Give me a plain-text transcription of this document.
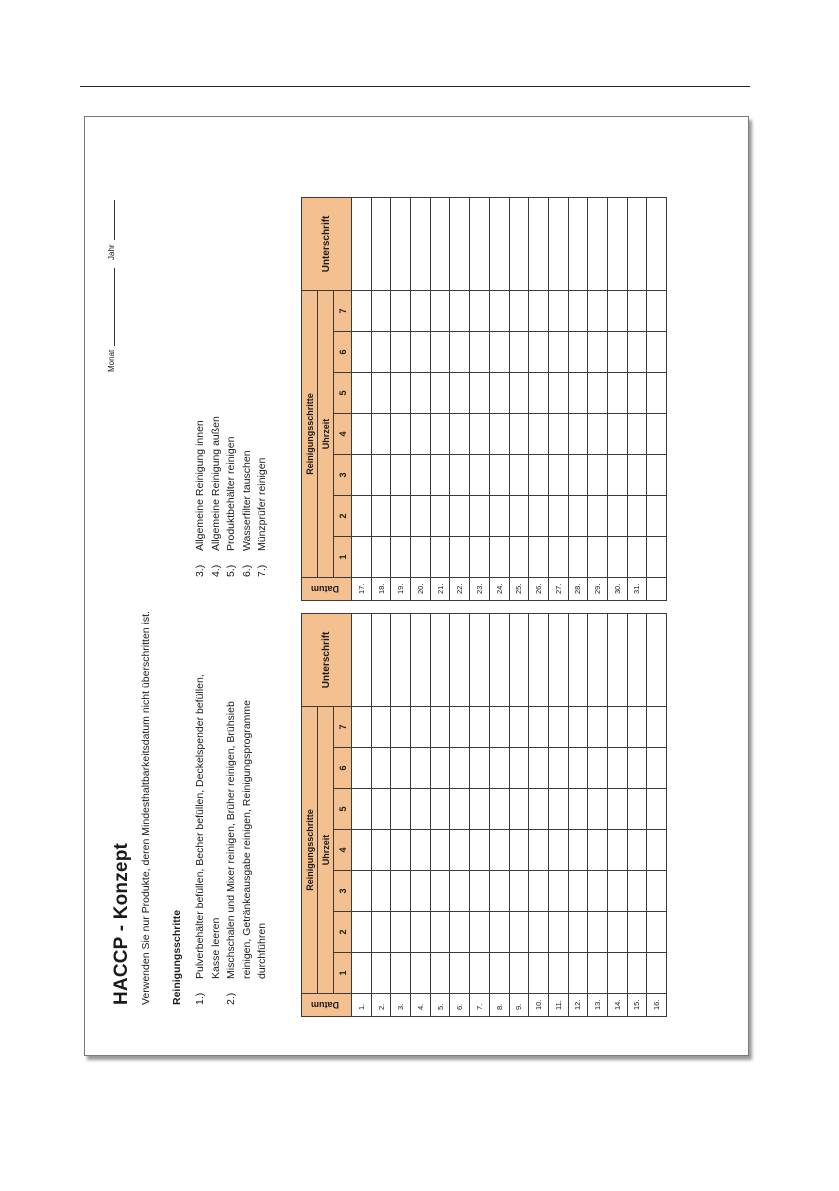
HACCP - Konzept Verwenden Sie nur Produkte, deren Mindesthaltbarkeitsdatum nicht überschritten ist. Reinigungsschritte 1.)
Pulverbehälter befüllen, Becher befüllen, Deckelspender befüllen, Kasse leeren
2.)
Mischschalen und Mixer reinigen, Brüher reinigen, Brühsieb reinigen, Getränkeausgabe reinigen, Reinigungsprogramme durchführen
3.)
Allgemeine Reinigung innen
4.)
Allgemeine Reinigung außen
5.)
Produktbehälter reinigen
6.)
Wasserfilter tauschen
7.)
Münzprüfer reinigen
Monat
Jahr
Datum	Reinigungsschritte							Unterschrift
	Uhrzeit							
	1	2	3	4	5	6	7	
1.								
2.								
3.								
4.								
5.								
6.								
7.								
8.								
9.								
10.								
11.								
12.								
13.								
14.								
15.								
16.								
Datum	Reinigungsschritte							Unterschrift
	Uhrzeit							
	1	2	3	4	5	6	7	
17.								
18.								
19.								
20.								
21.								
22.								
23.								
24.								
25.								
26.								
27.								
28.								
29.								
30.								
31.								
